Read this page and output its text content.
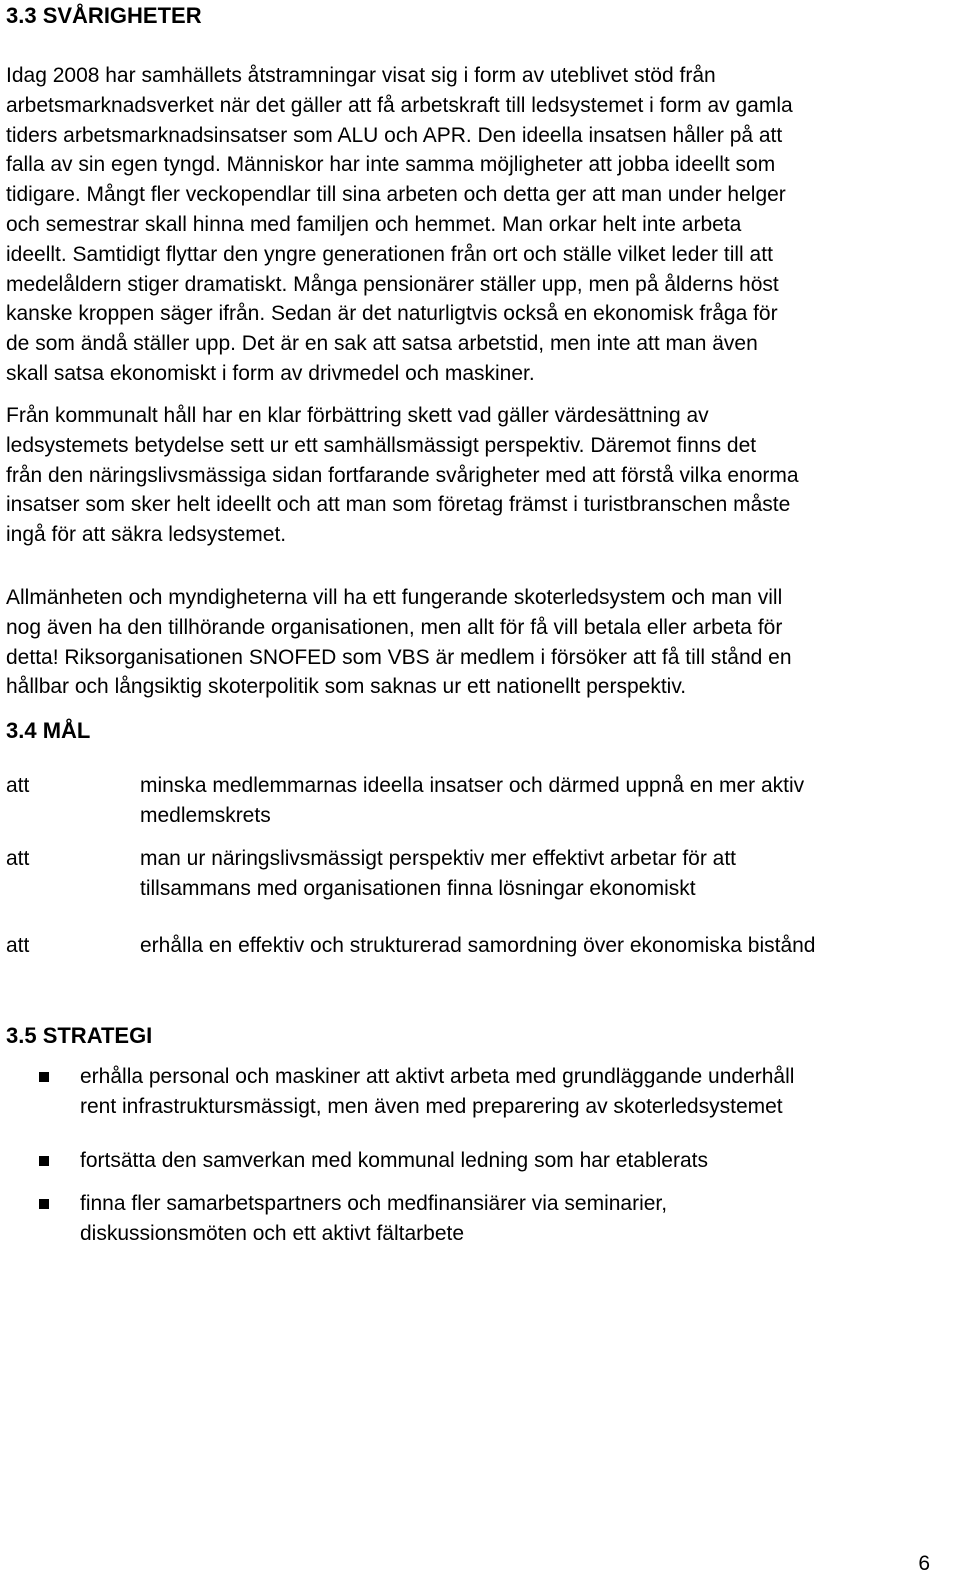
3.3 SVÅRIGHETER
Idag 2008 har samhällets åtstramningar visat sig i form av uteblivet stöd från
arbetsmarknadsverket när det gäller att få arbetskraft till ledsystemet i form av gamla
tiders arbetsmarknadsinsatser som ALU och APR. Den ideella insatsen håller på att
falla av sin egen tyngd. Människor har inte samma möjligheter att jobba ideellt som
tidigare. Mångt fler veckopendlar till sina arbeten och detta ger att man under helger
och semestrar skall hinna med familjen och hemmet. Man orkar helt inte arbeta
ideellt. Samtidigt flyttar den yngre generationen från ort och ställe vilket leder till att
medelåldern stiger dramatiskt. Många pensionärer ställer upp, men på ålderns höst
kanske kroppen säger ifrån. Sedan är det naturligtvis också en ekonomisk fråga för
de som ändå ställer upp. Det är en sak att satsa arbetstid, men inte att man även
skall satsa ekonomiskt i form av drivmedel och maskiner.
Från kommunalt håll har en klar förbättring skett vad gäller värdesättning av
ledsystemets betydelse sett ur ett samhällsmässigt perspektiv. Däremot finns det
från den näringslivsmässiga sidan fortfarande svårigheter med att förstå vilka enorma
insatser som sker helt ideellt och att man som företag främst i turistbranschen måste
ingå för att säkra ledsystemet.
Allmänheten och myndigheterna vill ha ett fungerande skoterledsystem och man vill
nog även ha den tillhörande organisationen, men allt för få vill betala eller arbeta för
detta! Riksorganisationen SNOFED som VBS är medlem i försöker att få till stånd en
hållbar och långsiktig skoterpolitik som saknas ur ett nationellt perspektiv.
3.4 MÅL
att	minska medlemmarnas ideella insatser och därmed uppnå en mer aktiv
medlemskrets
att	man ur näringslivsmässigt perspektiv mer effektivt arbetar för att
tillsammans med organisationen finna lösningar ekonomiskt
att	erhålla en effektiv och strukturerad samordning över ekonomiska bistånd
3.5 STRATEGI
erhålla personal och maskiner att aktivt arbeta med grundläggande underhåll
rent infrastruktursmässigt, men även med preparering av skoterledsystemet
fortsätta den samverkan med kommunal ledning som har etablerats
finna fler samarbetspartners och medfinansiärer via seminarier,
diskussionsmöten och ett aktivt fältarbete
6
